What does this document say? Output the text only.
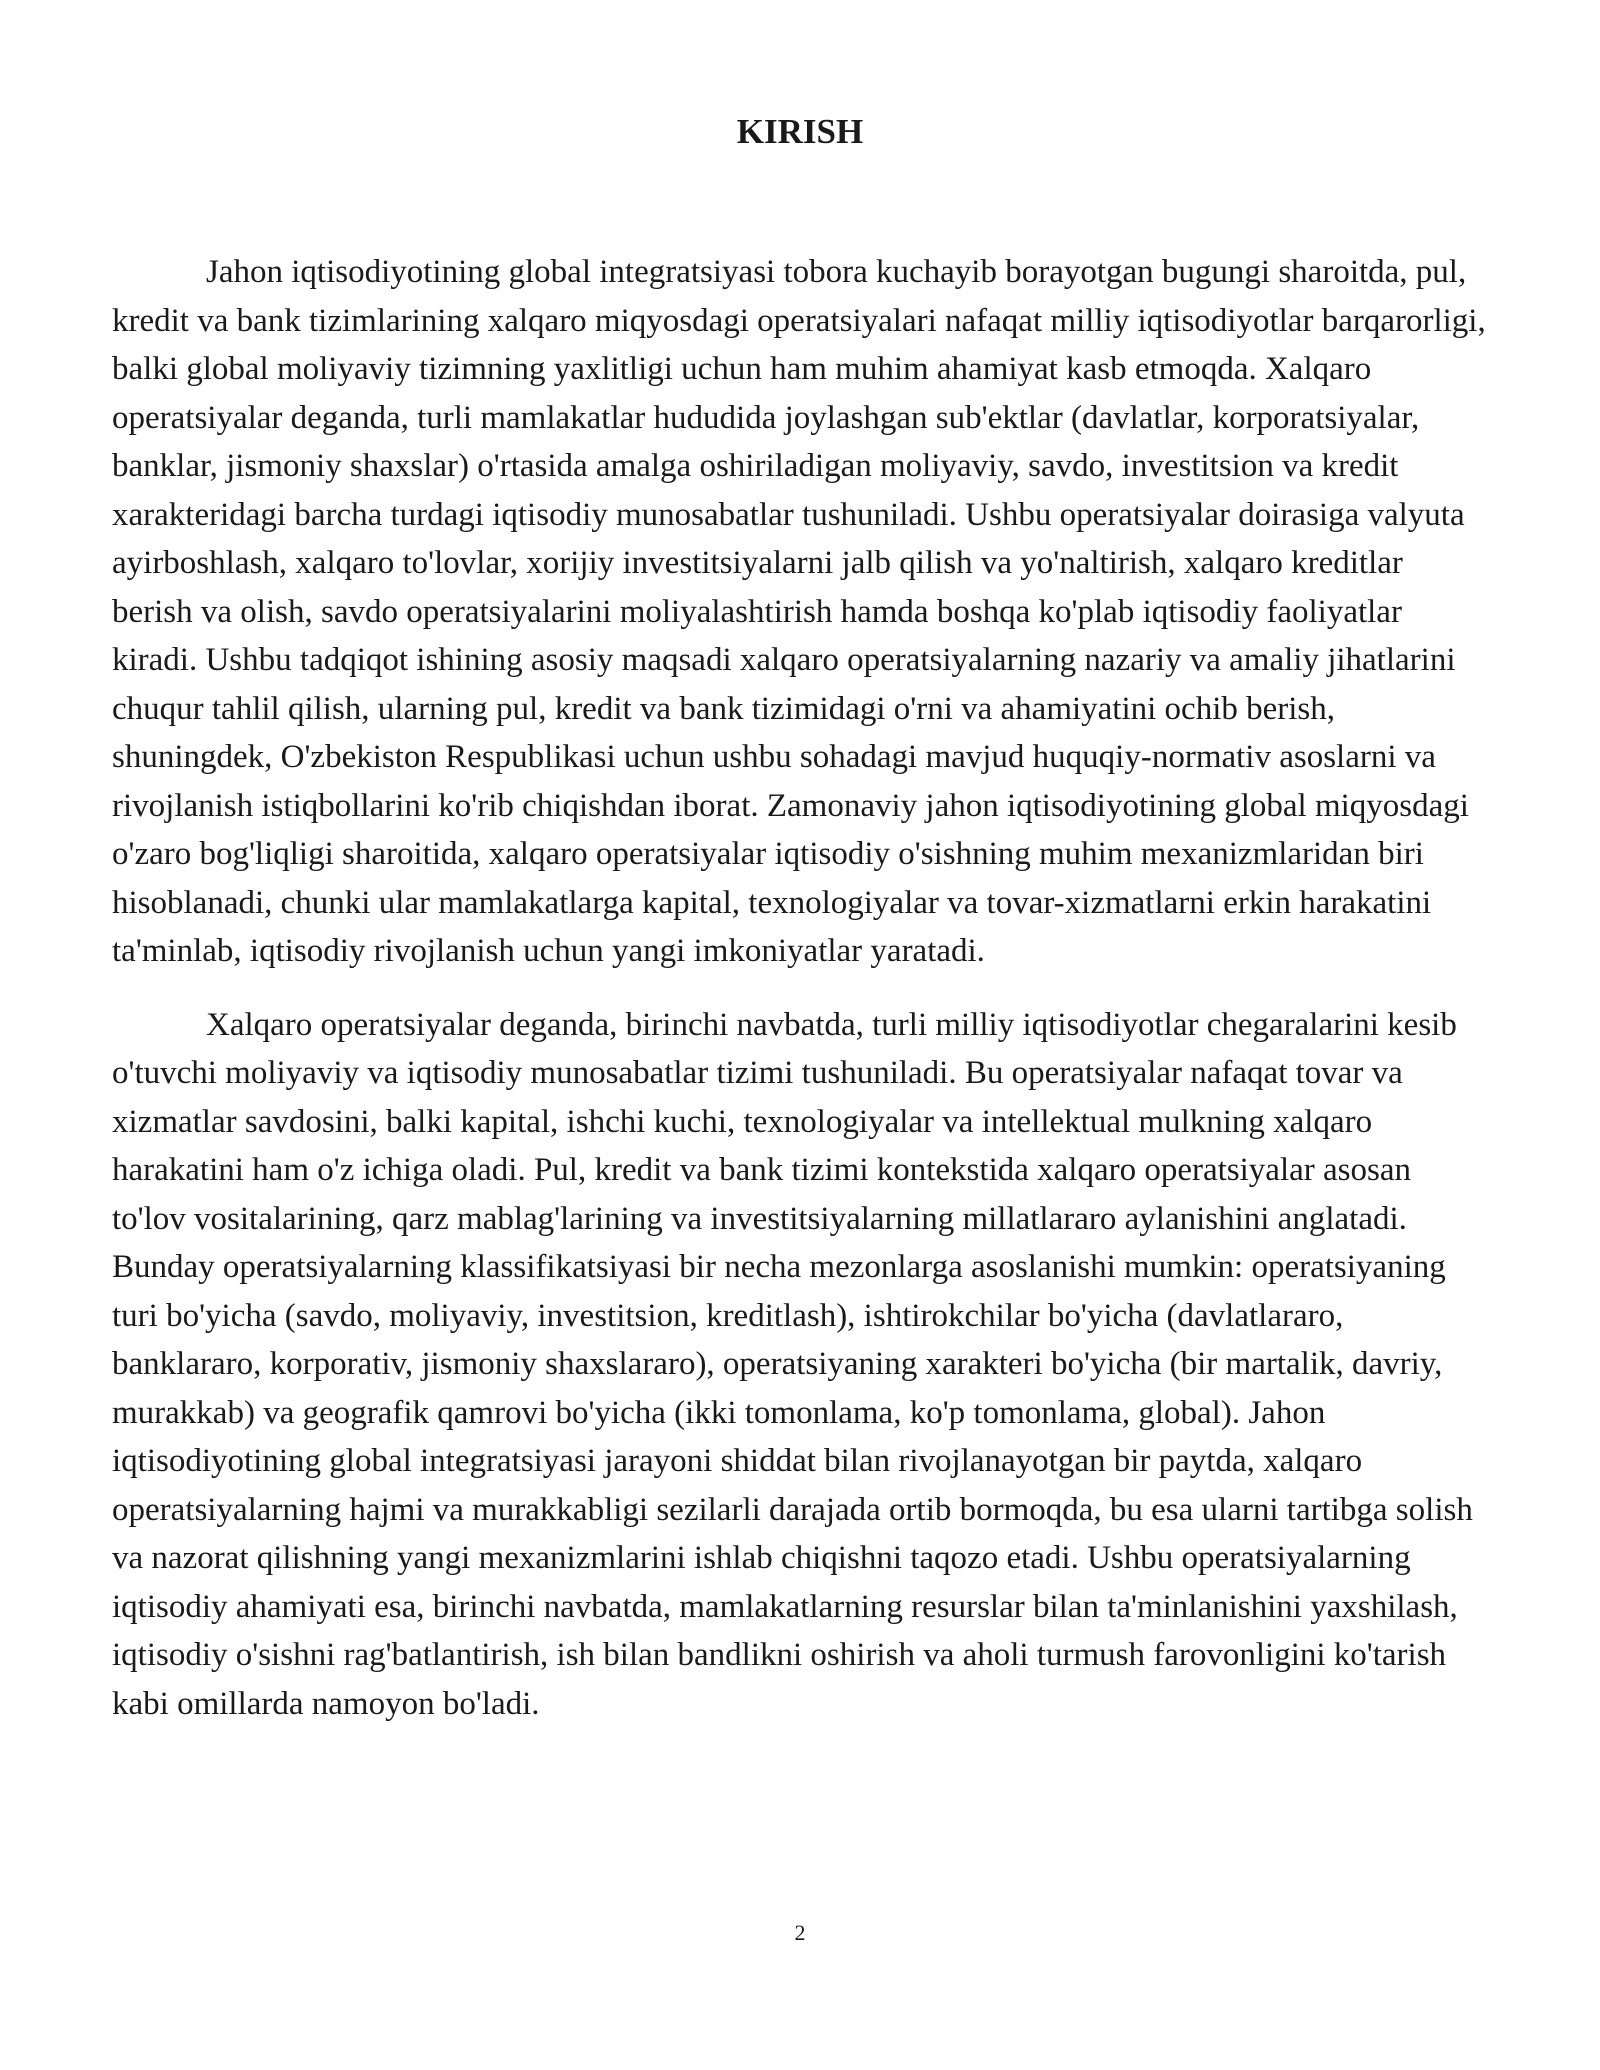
KIRISH

Jahon iqtisodiyotining global integratsiyasi tobora kuchayib borayotgan bugungi sharoitda, pul, kredit va bank tizimlarining xalqaro miqyosdagi operatsiyalari nafaqat milliy iqtisodiyotlar barqarorligi, balki global moliyaviy tizimning yaxlitligi uchun ham muhim ahamiyat kasb etmoqda. Xalqaro operatsiyalar deganda, turli mamlakatlar hududida joylashgan sub'ektlar (davlatlar, korporatsiyalar, banklar, jismoniy shaxslar) o'rtasida amalga oshiriladigan moliyaviy, savdo, investitsion va kredit xarakteridagi barcha turdagi iqtisodiy munosabatlar tushuniladi. Ushbu operatsiyalar doirasiga valyuta ayirboshlash, xalqaro to'lovlar, xorijiy investitsiyalarni jalb qilish va yo'naltirish, xalqaro kreditlar berish va olish, savdo operatsiyalarini moliyalashtirish hamda boshqa ko'plab iqtisodiy faoliyatlar kiradi. Ushbu tadqiqot ishining asosiy maqsadi xalqaro operatsiyalarning nazariy va amaliy jihatlarini chuqur tahlil qilish, ularning pul, kredit va bank tizimidagi o'rni va ahamiyatini ochib berish, shuningdek, O'zbekiston Respublikasi uchun ushbu sohadagi mavjud huquqiy-normativ asoslarni va rivojlanish istiqbollarini ko'rib chiqishdan iborat. Zamonaviy jahon iqtisodiyotining global miqyosdagi o'zaro bog'liqligi sharoitida, xalqaro operatsiyalar iqtisodiy o'sishning muhim mexanizmlaridan biri hisoblanadi, chunki ular mamlakatlarga kapital, texnologiyalar va tovar-xizmatlarni erkin harakatini ta'minlab, iqtisodiy rivojlanish uchun yangi imkoniyatlar yaratadi.

Xalqaro operatsiyalar deganda, birinchi navbatda, turli milliy iqtisodiyotlar chegaralarini kesib o'tuvchi moliyaviy va iqtisodiy munosabatlar tizimi tushuniladi. Bu operatsiyalar nafaqat tovar va xizmatlar savdosini, balki kapital, ishchi kuchi, texnologiyalar va intellektual mulkning xalqaro harakatini ham o'z ichiga oladi. Pul, kredit va bank tizimi kontekstida xalqaro operatsiyalar asosan to'lov vositalarining, qarz mablag'larining va investitsiyalarning millatlararo aylanishini anglatadi. Bunday operatsiyalarning klassifikatsiyasi bir necha mezonlarga asoslanishi mumkin: operatsiyaning turi bo'yicha (savdo, moliyaviy, investitsion, kreditlash), ishtirokchilar bo'yicha (davlatlararo, banklararo, korporativ, jismoniy shaxslararo), operatsiyaning xarakteri bo'yicha (bir martalik, davriy, murakkab) va geografik qamrovi bo'yicha (ikki tomonlama, ko'p tomonlama, global). Jahon iqtisodiyotining global integratsiyasi jarayoni shiddat bilan rivojlanayotgan bir paytda, xalqaro operatsiyalarning hajmi va murakkabligi sezilarli darajada ortib bormoqda, bu esa ularni tartibga solish va nazorat qilishning yangi mexanizmlarini ishlab chiqishni taqozo etadi. Ushbu operatsiyalarning iqtisodiy ahamiyati esa, birinchi navbatda, mamlakatlarning resurslar bilan ta'minlanishini yaxshilash, iqtisodiy o'sishni rag'batlantirish, ish bilan bandlikni oshirish va aholi turmush farovonligini ko'tarish kabi omillarda namoyon bo'ladi.

2
